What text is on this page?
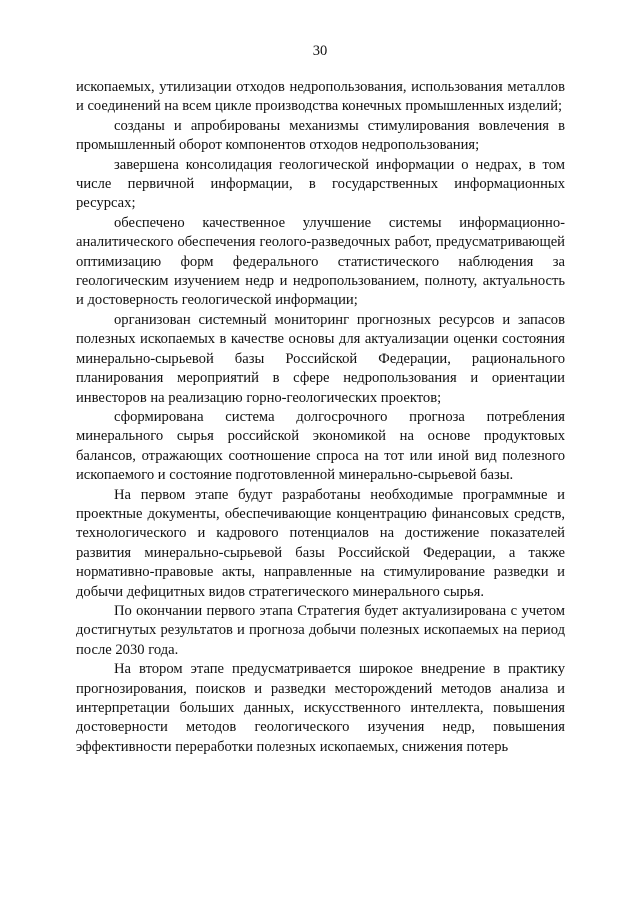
30

ископаемых, утилизации отходов недропользования, использования металлов и соединений на всем цикле производства конечных промышленных изделий;

созданы и апробированы механизмы стимулирования вовлечения в промышленный оборот компонентов отходов недропользования;

завершена консолидация геологической информации о недрах, в том числе первичной информации, в государственных информационных ресурсах;

обеспечено качественное улучшение системы информационно-аналитического обеспечения геолого-разведочных работ, предусматривающей оптимизацию форм федерального статистического наблюдения за геологическим изучением недр и недропользованием, полноту, актуальность и достоверность геологической информации;

организован системный мониторинг прогнозных ресурсов и запасов полезных ископаемых в качестве основы для актуализации оценки состояния минерально-сырьевой базы Российской Федерации, рационального планирования мероприятий в сфере недропользования и ориентации инвесторов на реализацию горно-геологических проектов;

сформирована система долгосрочного прогноза потребления минерального сырья российской экономикой на основе продуктовых балансов, отражающих соотношение спроса на тот или иной вид полезного ископаемого и состояние подготовленной минерально-сырьевой базы.

На первом этапе будут разработаны необходимые программные и проектные документы, обеспечивающие концентрацию финансовых средств, технологического и кадрового потенциалов на достижение показателей развития минерально-сырьевой базы Российской Федерации, а также нормативно-правовые акты, направленные на стимулирование разведки и добычи дефицитных видов стратегического минерального сырья.

По окончании первого этапа Стратегия будет актуализирована с учетом достигнутых результатов и прогноза добычи полезных ископаемых на период после 2030 года.

На втором этапе предусматривается широкое внедрение в практику прогнозирования, поисков и разведки месторождений методов анализа и интерпретации больших данных, искусственного интеллекта, повышения достоверности методов геологического изучения недр, повышения эффективности переработки полезных ископаемых, снижения потерь
